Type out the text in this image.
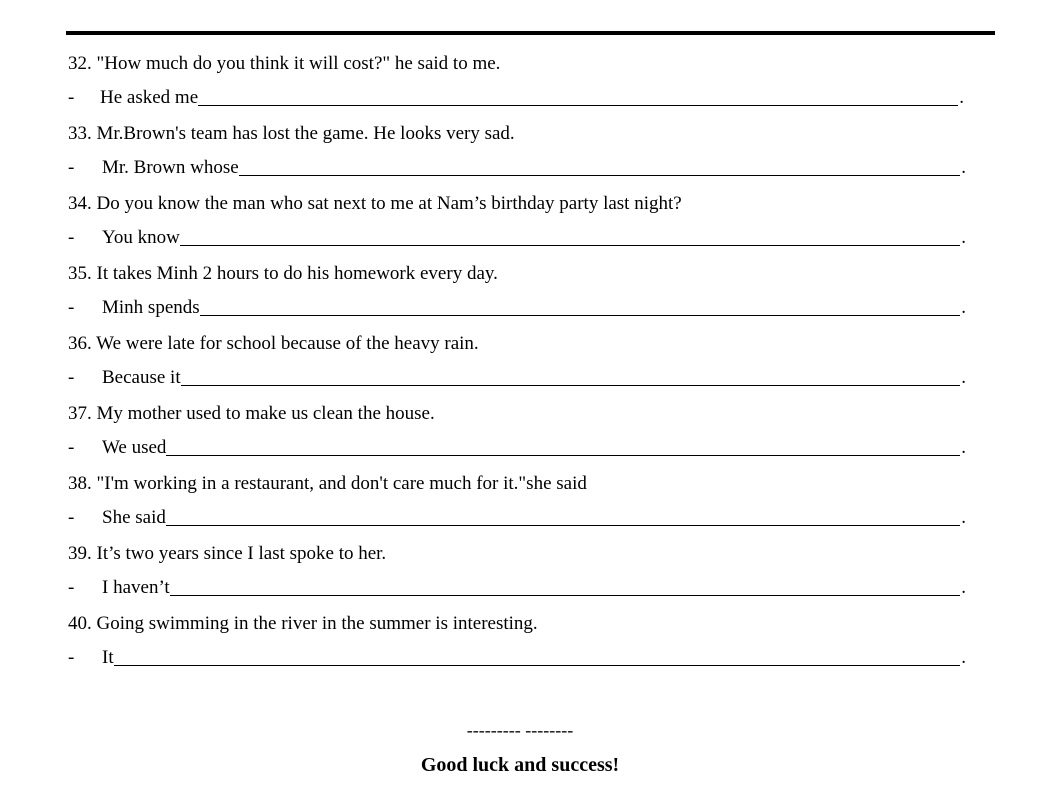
32. "How much do you think it will cost?" he said to me.
- He asked me	.
33. Mr.Brown's team has lost the game. He looks very sad.
- Mr. Brown whose	.
34. Do you know the man who sat next to me at Nam’s birthday party last night?
- You know	.
35. It takes Minh 2 hours to do his homework every day.
- Minh spends	.
36. We were late for school because of the heavy rain.
- Because it	.
37. My mother used to make us clean the house.
- We used	.
38. "I'm working in a restaurant, and don't care much for it."she said
- She said	.
39. It’s two years since I last spoke to her.
- I haven’t	.
40. Going swimming in the river in the summer is interesting.
- It	.
--------- --------
Good luck and success!
